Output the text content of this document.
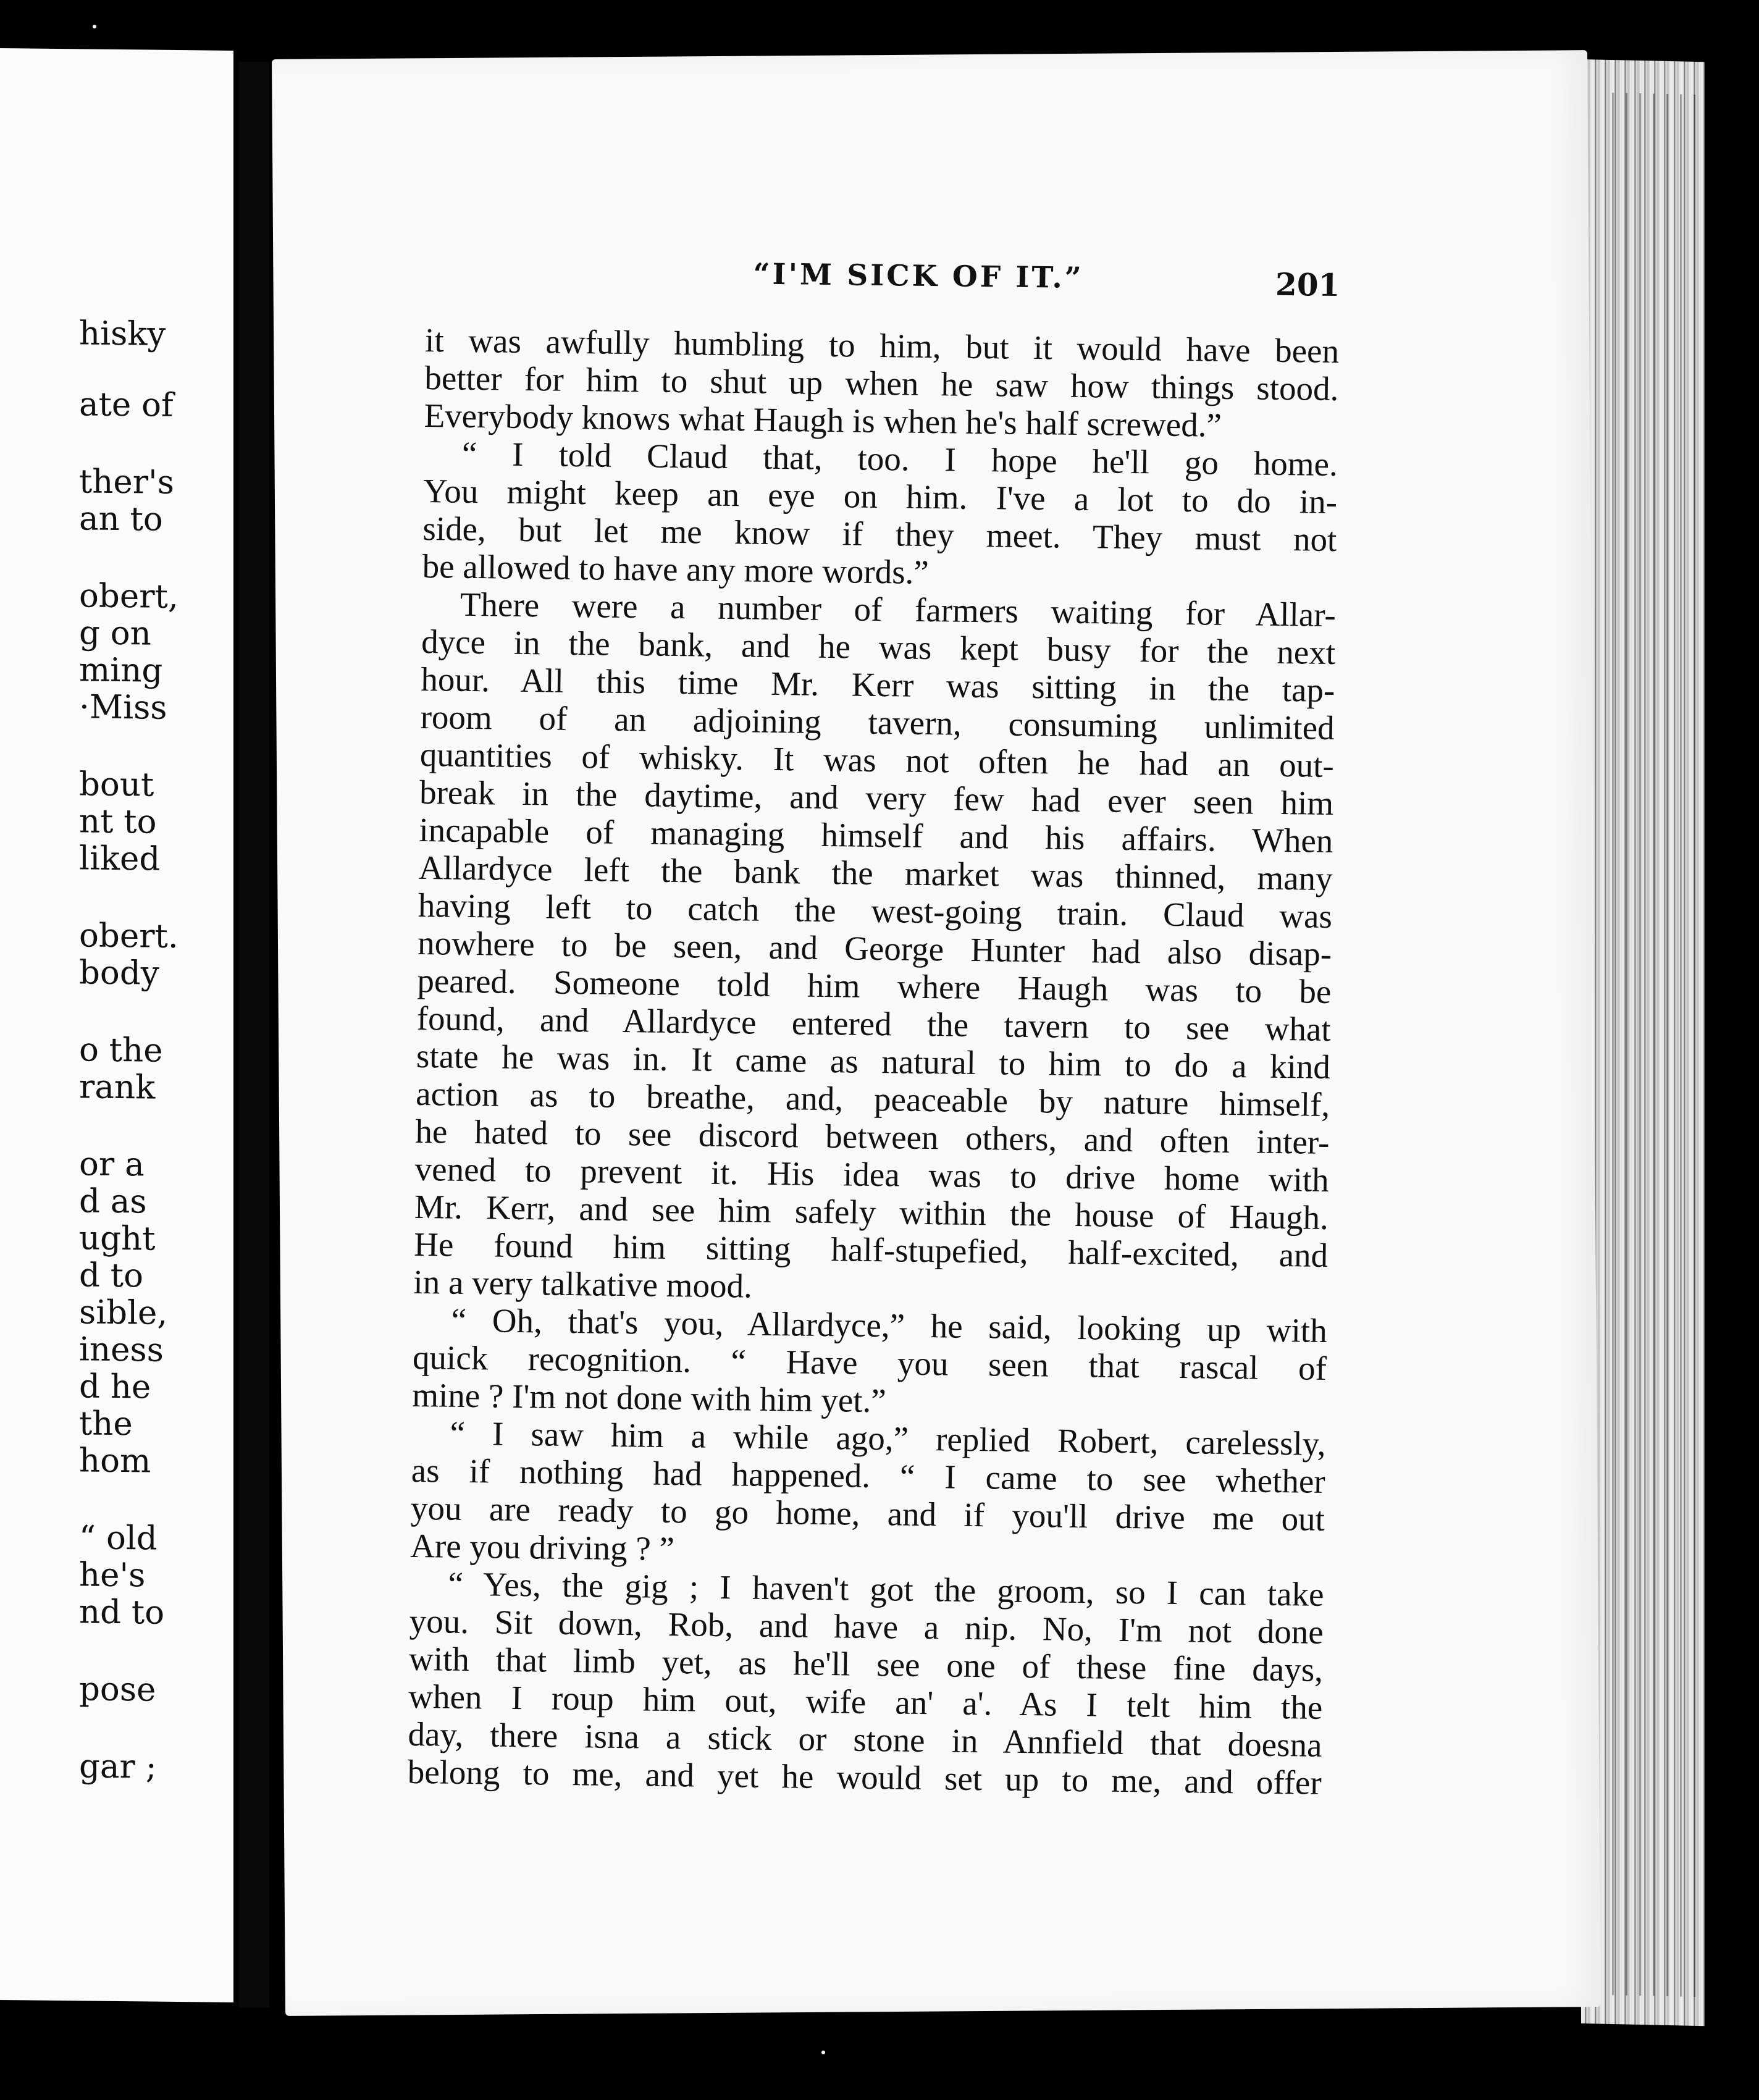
hisky
ate of
ther's
an to
obert,
g on
ming
·Miss
bout
nt to
liked
obert.
body
o the
rank
or a
d as
ught
d to
sible,
iness
d he
the
hom
“ old
he's
nd to
pose
gar ;
“I'M SICK OF IT.”	201
it was awfully humbling to him, but it would have been
better for him to shut up when he saw how things stood.
Everybody knows what Haugh is when he's half screwed.”
“ I told Claud that, too. I hope he'll go home.
You might keep an eye on him. I've a lot to do in-
side, but let me know if they meet. They must not
be allowed to have any more words.”
There were a number of farmers waiting for Allar-
dyce in the bank, and he was kept busy for the next
hour. All this time Mr. Kerr was sitting in the tap-
room of an adjoining tavern, consuming unlimited
quantities of whisky. It was not often he had an out-
break in the daytime, and very few had ever seen him
incapable of managing himself and his affairs. When
Allardyce left the bank the market was thinned, many
having left to catch the west-going train. Claud was
nowhere to be seen, and George Hunter had also disap-
peared. Someone told him where Haugh was to be
found, and Allardyce entered the tavern to see what
state he was in. It came as natural to him to do a kind
action as to breathe, and, peaceable by nature himself,
he hated to see discord between others, and often inter-
vened to prevent it. His idea was to drive home with
Mr. Kerr, and see him safely within the house of Haugh.
He found him sitting half-stupefied, half-excited, and
in a very talkative mood.
“ Oh, that's you, Allardyce,” he said, looking up with
quick recognition. “ Have you seen that rascal of
mine ? I'm not done with him yet.”
“ I saw him a while ago,” replied Robert, carelessly,
as if nothing had happened. “ I came to see whether
you are ready to go home, and if you'll drive me out
Are you driving ? ”
“ Yes, the gig ; I haven't got the groom, so I can take
you. Sit down, Rob, and have a nip. No, I'm not done
with that limb yet, as he'll see one of these fine days,
when I roup him out, wife an' a'. As I telt him the
day, there isna a stick or stone in Annfield that doesna
belong to me, and yet he would set up to me, and offer
